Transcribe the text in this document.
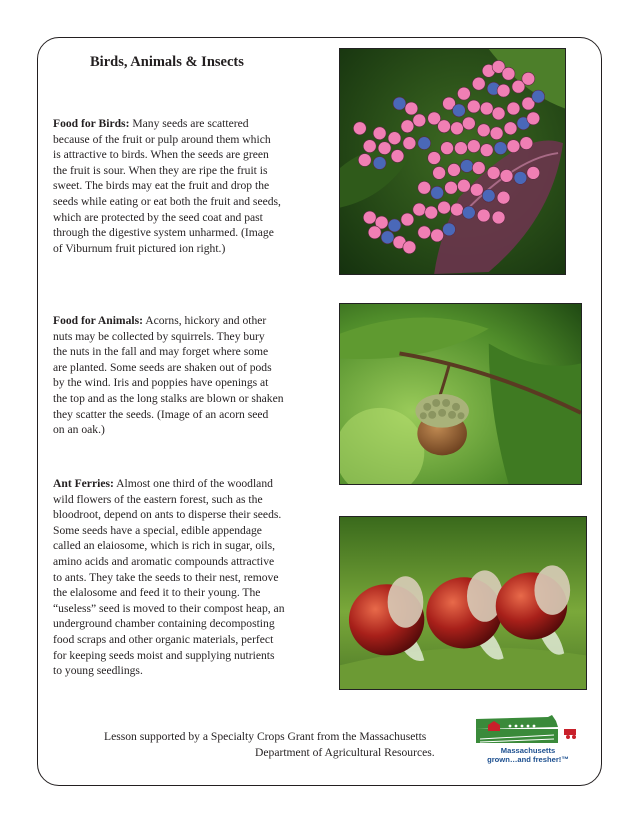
Birds, Animals & Insects

Food for Birds: Many seeds are scattered
because of the fruit or pulp around them which
is attractive to birds. When the seeds are green
the fruit is sour. When they are ripe the fruit is
sweet. The birds may eat the fruit and drop the
seeds while eating or eat both the fruit and seeds,
which are protected by the seed coat and past
through the digestive system unharmed. (Image
of Viburnum fruit pictured ion right.)

Food for Animals: Acorns, hickory and other
nuts may be collected by squirrels. They bury
the nuts in the fall and may forget where some
are planted. Some seeds are shaken out of pods
by the wind. Iris and poppies have openings at
the top and as the long stalks are blown or shaken
they scatter the seeds. (Image of an acorn seed
on an oak.)

Ant Ferries: Almost one third of the woodland
wild flowers of the eastern forest, such as the
bloodroot, depend on ants to disperse their seeds.
Some seeds have a special, edible appendage
called an elaiosome, which is rich in sugar, oils,
amino acids and aromatic compounds attractive
to ants. They take the seeds to their nest, remove
the elalosome and feed it to their young. The
“useless” seed is moved to their compost heap, an
underground chamber containing decomposting
food scraps and other organic materials, perfect
for keeping seeds moist and supplying nutrients
to young seedlings.

Lesson supported by a Specialty Crops Grant from the Massachusetts

Department of Agricultural Resources.	Massachusetts
grown…and fresher!™
